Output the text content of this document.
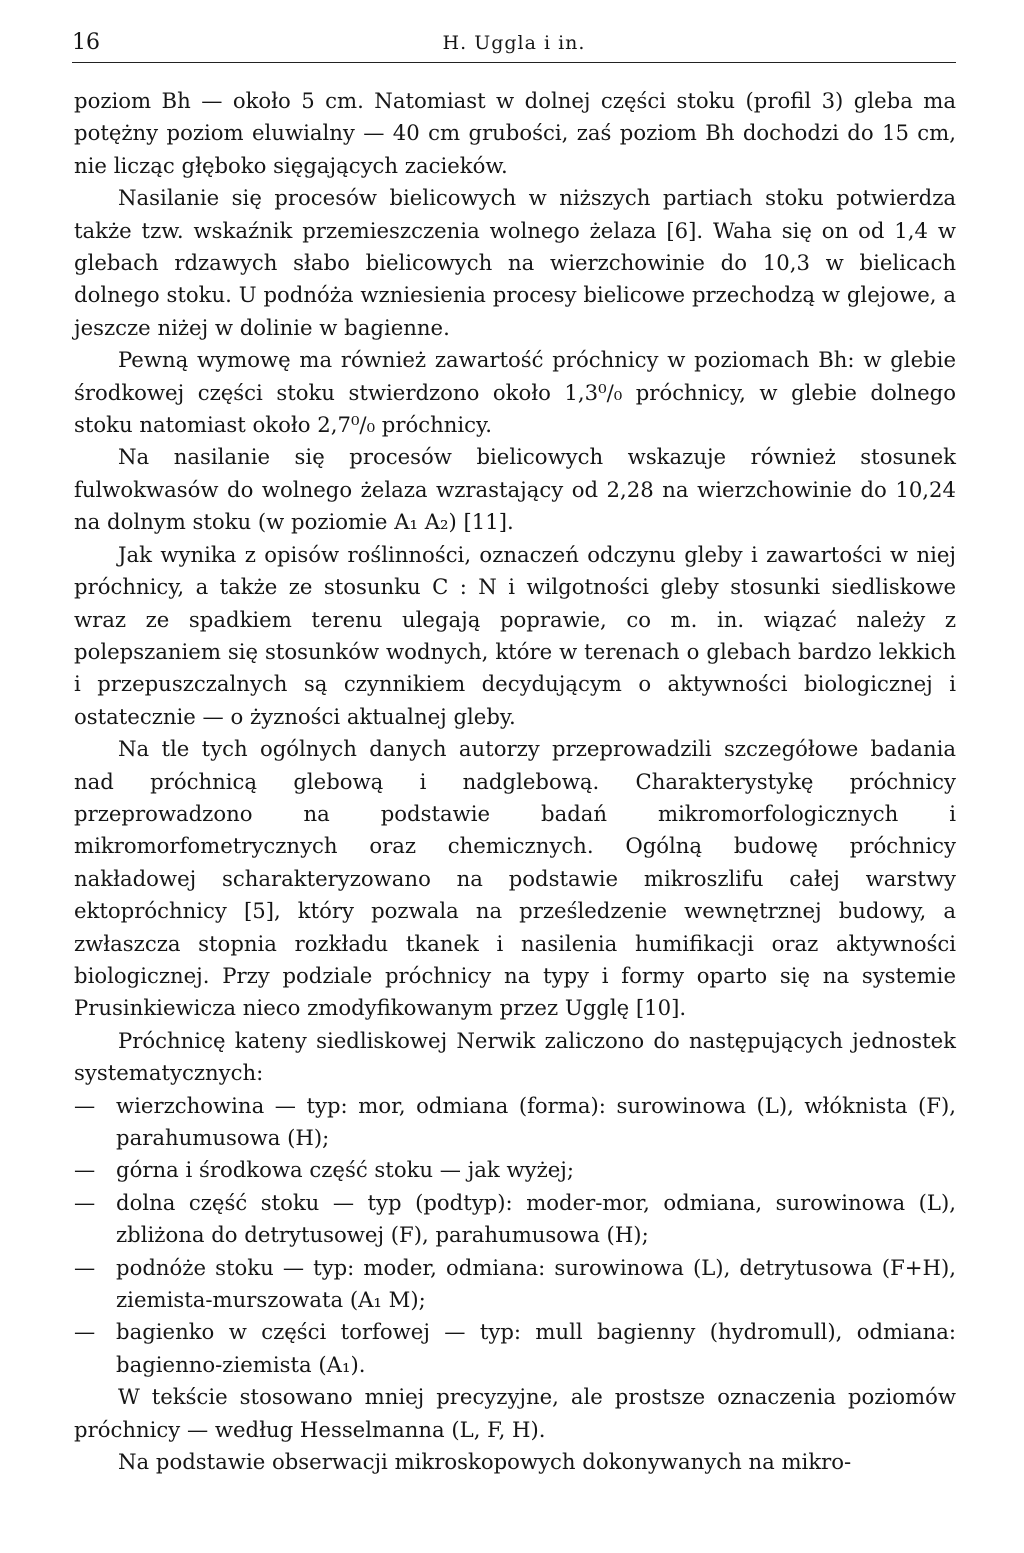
16	H. Uggla i in.

poziom Bh — około 5 cm. Natomiast w dolnej części stoku (profil 3) gleba ma potężny poziom eluwialny — 40 cm grubości, zaś poziom Bh dochodzi do 15 cm, nie licząc głęboko sięgających zacieków.

Nasilanie się procesów bielicowych w niższych partiach stoku potwierdza także tzw. wskaźnik przemieszczenia wolnego żelaza [6]. Waha się on od 1,4 w glebach rdzawych słabo bielicowych na wierzchowinie do 10,3 w bielicach dolnego stoku. U podnóża wzniesienia procesy bielicowe przechodzą w glejowe, a jeszcze niżej w dolinie w bagienne.

Pewną wymowę ma również zawartość próchnicy w poziomach Bh: w glebie środkowej części stoku stwierdzono około 1,3⁰/₀ próchnicy, w glebie dolnego stoku natomiast około 2,7⁰/₀ próchnicy.

Na nasilanie się procesów bielicowych wskazuje również stosunek fulwokwasów do wolnego żelaza wzrastający od 2,28 na wierzchowinie do 10,24 na dolnym stoku (w poziomie A₁ A₂) [11].

Jak wynika z opisów roślinności, oznaczeń odczynu gleby i zawartości w niej próchnicy, a także ze stosunku C : N i wilgotności gleby stosunki siedliskowe wraz ze spadkiem terenu ulegają poprawie, co m. in. wiązać należy z polepszaniem się stosunków wodnych, które w terenach o glebach bardzo lekkich i przepuszczalnych są czynnikiem decydującym o aktywności biologicznej i ostatecznie — o żyzności aktualnej gleby.

Na tle tych ogólnych danych autorzy przeprowadzili szczegółowe badania nad próchnicą glebową i nadglebową. Charakterystykę próchnicy przeprowadzono na podstawie badań mikromorfologicznych i mikromorfometrycznych oraz chemicznych. Ogólną budowę próchnicy nakładowej scharakteryzowano na podstawie mikroszlifu całej warstwy ektopróchnicy [5], który pozwala na prześledzenie wewnętrznej budowy, a zwłaszcza stopnia rozkładu tkanek i nasilenia humifikacji oraz aktywności biologicznej. Przy podziale próchnicy na typy i formy oparto się na systemie Prusinkiewicza nieco zmodyfikowanym przez Ugglę [10].

Próchnicę kateny siedliskowej Nerwik zaliczono do następujących jednostek systematycznych:

— wierzchowina — typ: mor, odmiana (forma): surowinowa (L), włóknista (F), parahumusowa (H);
— górna i środkowa część stoku — jak wyżej;
— dolna część stoku — typ (podtyp): moder-mor, odmiana, surowinowa (L), zbliżona do detrytusowej (F), parahumusowa (H);
— podnóże stoku — typ: moder, odmiana: surowinowa (L), detrytusowa (F+H), ziemista-murszowata (A₁ M);
— bagienko w części torfowej — typ: mull bagienny (hydromull), odmiana: bagienno-ziemista (A₁).

W tekście stosowano mniej precyzyjne, ale prostsze oznaczenia poziomów próchnicy — według Hesselmanna (L, F, H).

Na podstawie obserwacji mikroskopowych dokonywanych na mikro-
